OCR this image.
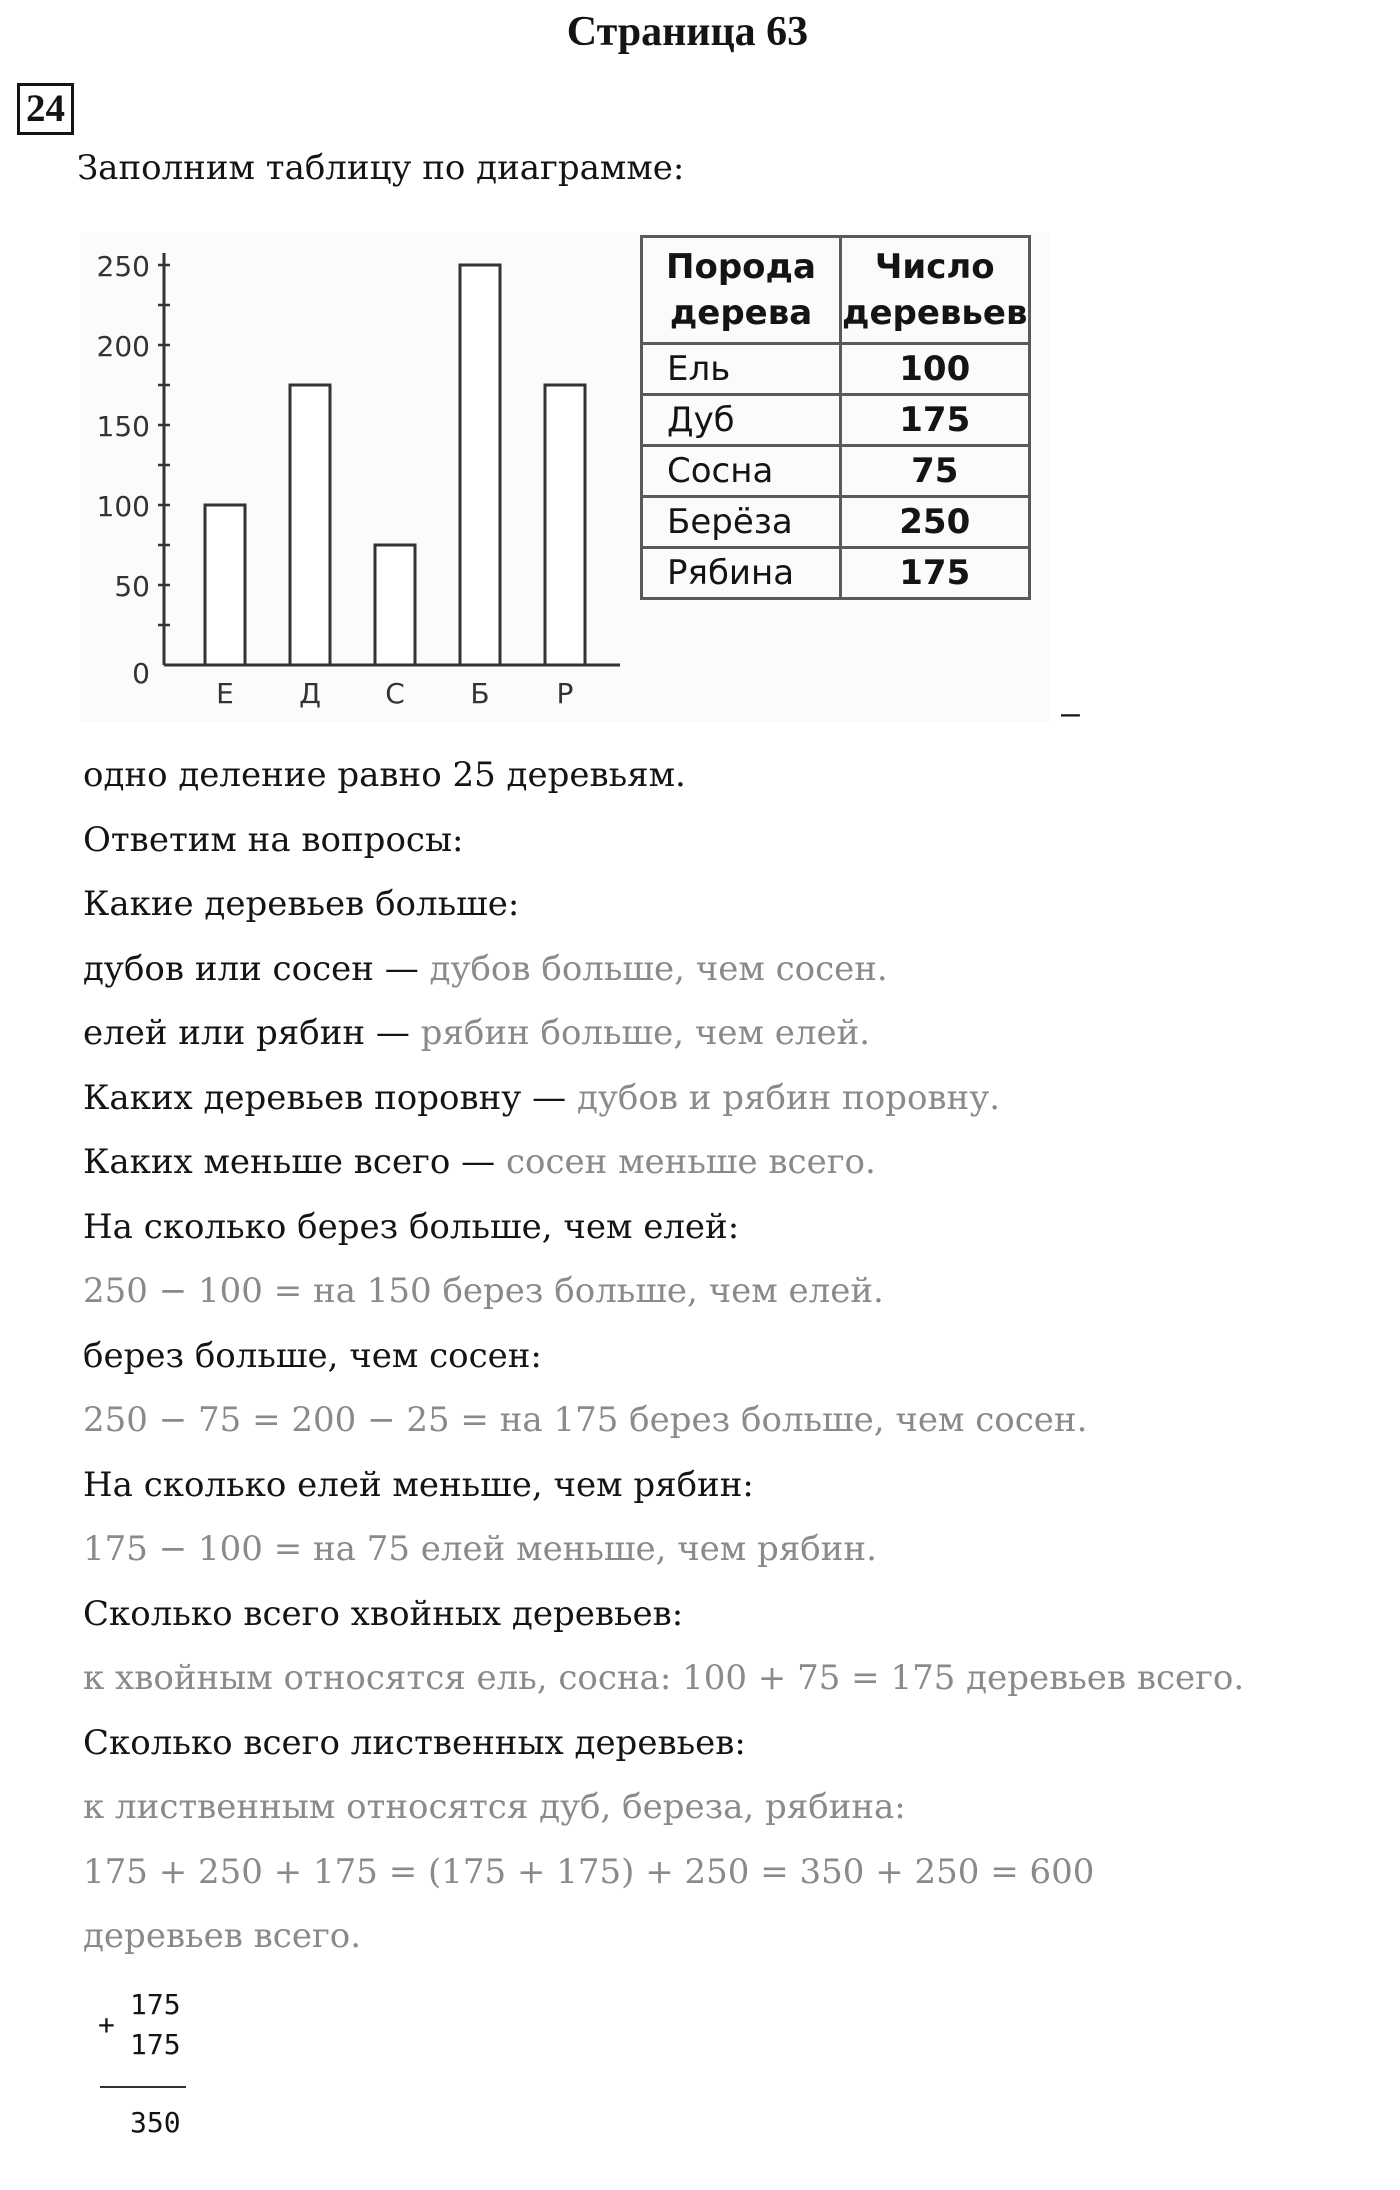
Страница 63
24
Заполним таблицу по диаграмме:
0
50
100
150
200
250
Е Д С Б Р
Порода дерева	Число деревьев
Ель	100
Дуб	175
Сосна	75
Берёза	250
Рябина	175
–
одно деление равно 25 деревьям.
Ответим на вопросы:
Какие деревьев больше:
дубов или сосен — дубов больше, чем сосен.
елей или рябин — рябин больше, чем елей.
Каких деревьев поровну — дубов и рябин поровну.
Каких меньше всего — сосен меньше всего.
На сколько берез больше, чем елей:
250 − 100 = на 150 берез больше, чем елей.
берез больше, чем сосен:
250 − 75 = 200 − 25 = на 175 берез больше, чем сосен.
На сколько елей меньше, чем рябин:
175 − 100 = на 75 елей меньше, чем рябин.
Сколько всего хвойных деревьев:
к хвойным относятся ель, сосна: 100 + 75 = 175 деревьев всего.
Сколько всего лиственных деревьев:
к лиственным относятся дуб, береза, рябина:
175 + 250 + 175 = (175 + 175) + 250 = 350 + 250 = 600
деревьев всего.
+
175
175
350
